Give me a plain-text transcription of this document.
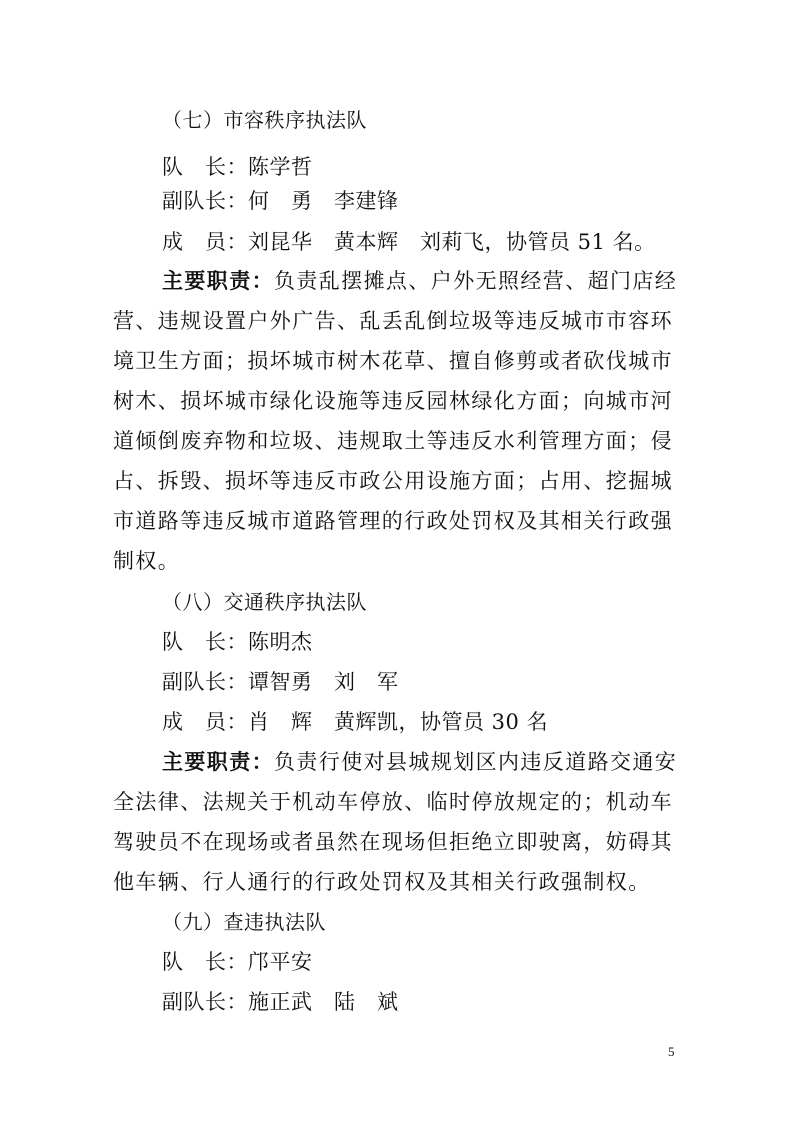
（七）市容秩序执法队
队　长：陈学哲
副队长：何　勇　李建锋
成　员：刘昆华　黄本辉　刘莉飞，协管员 51 名。
主要职责：负责乱摆摊点、户外无照经营、超门店经
营、违规设置户外广告、乱丢乱倒垃圾等违反城市市容环
境卫生方面；损坏城市树木花草、擅自修剪或者砍伐城市
树木、损坏城市绿化设施等违反园林绿化方面；向城市河
道倾倒废弃物和垃圾、违规取土等违反水利管理方面；侵
占、拆毁、损坏等违反市政公用设施方面；占用、挖掘城
市道路等违反城市道路管理的行政处罚权及其相关行政强
制权。
（八）交通秩序执法队
队　长：陈明杰
副队长：谭智勇　刘　军
成　员：肖　辉　黄辉凯，协管员 30 名
主要职责：负责行使对县城规划区内违反道路交通安
全法律、法规关于机动车停放、临时停放规定的；机动车
驾驶员不在现场或者虽然在现场但拒绝立即驶离，妨碍其
他车辆、行人通行的行政处罚权及其相关行政强制权。
（九）查违执法队
队　长：邝平安
副队长：施正武　陆　斌
5
